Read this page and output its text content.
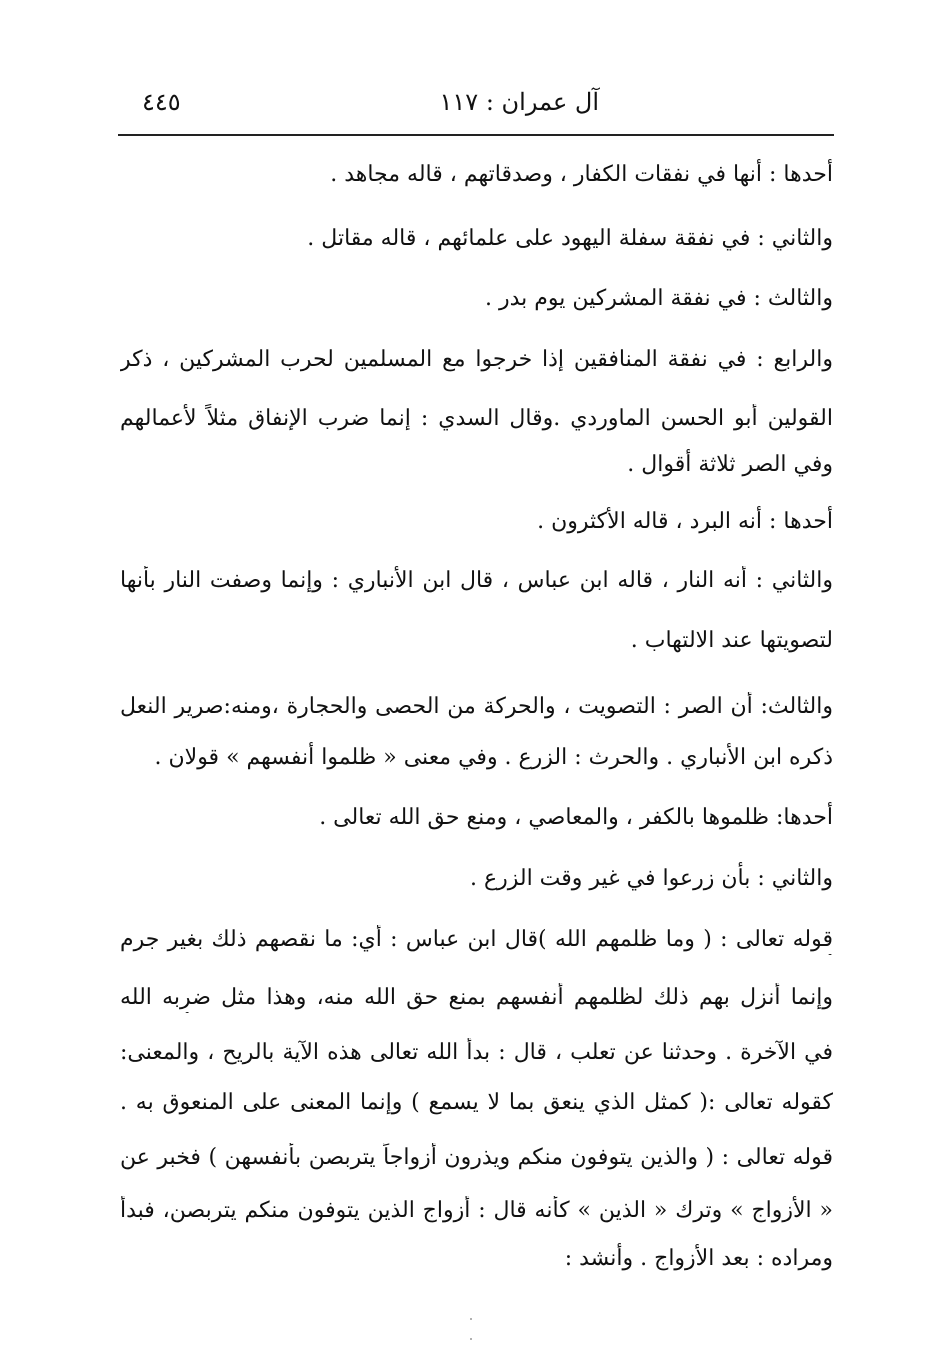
آل عمران : ١١٧
٤٤٥
أحدها : أنها في نفقات الكفار ، وصدقاتهم ، قاله مجاهد .
والثاني : في نفقة سفلة اليهود على علمائهم ، قاله مقاتل .
والثالث : في نفقة المشركين يوم بدر .
والرابع : في نفقة المنافقين إذا خرجوا مع المسلمين لحرب المشركين ، ذكر
القولين أبو الحسن الماوردي .وقال السدي : إنما ضرب الإنفاق مثلاً لأعمالهم
وفي الصر ثلاثة أقوال .
أحدها : أنه البرد ، قاله الأكثرون .
والثاني : أنه النار ، قاله ابن عباس ، قال ابن الأنباري : وإنما وصفت النار بأنها
لتصويتها عند الالتهاب .
والثالث: أن الصر : التصويت ، والحركة من الحصى والحجارة ،ومنه:صرير النعل
ذكره ابن الأنباري . والحرث : الزرع . وفي معنى « ظلموا أنفسهم » قولان .
أحدها: ظلموها بالكفر ، والمعاصي ، ومنع حق الله تعالى .
والثاني : بأن زرعوا في غير وقت الزرع .
قوله تعالى : ( وما ظلمهم الله )قال ابن عباس : أي: ما نقصهم ذلك بغير جرم
وإنما أنزل بهم ذلك لظلمهم أنفسهم بمنع حق الله منه، وهذا مثل ضربه الله
في الآخرة . وحدثنا عن تعلب ، قال : بدأ الله تعالى هذه الآية بالريح ، والمعنى:
كقوله تعالى :( كمثل الذي ينعق بما لا يسمع ) وإنما المعنى على المنعوق به .
قوله تعالى : ( والذين يتوفون منكم ويذرون أزواجاً يتربصن بأنفسهن ) فخبر عن
« الأزواج » وترك « الذين » كأنه قال : أزواج الذين يتوفون منكم يتربصن، فبدأ
ومراده : بعد الأزواج . وأنشد :
